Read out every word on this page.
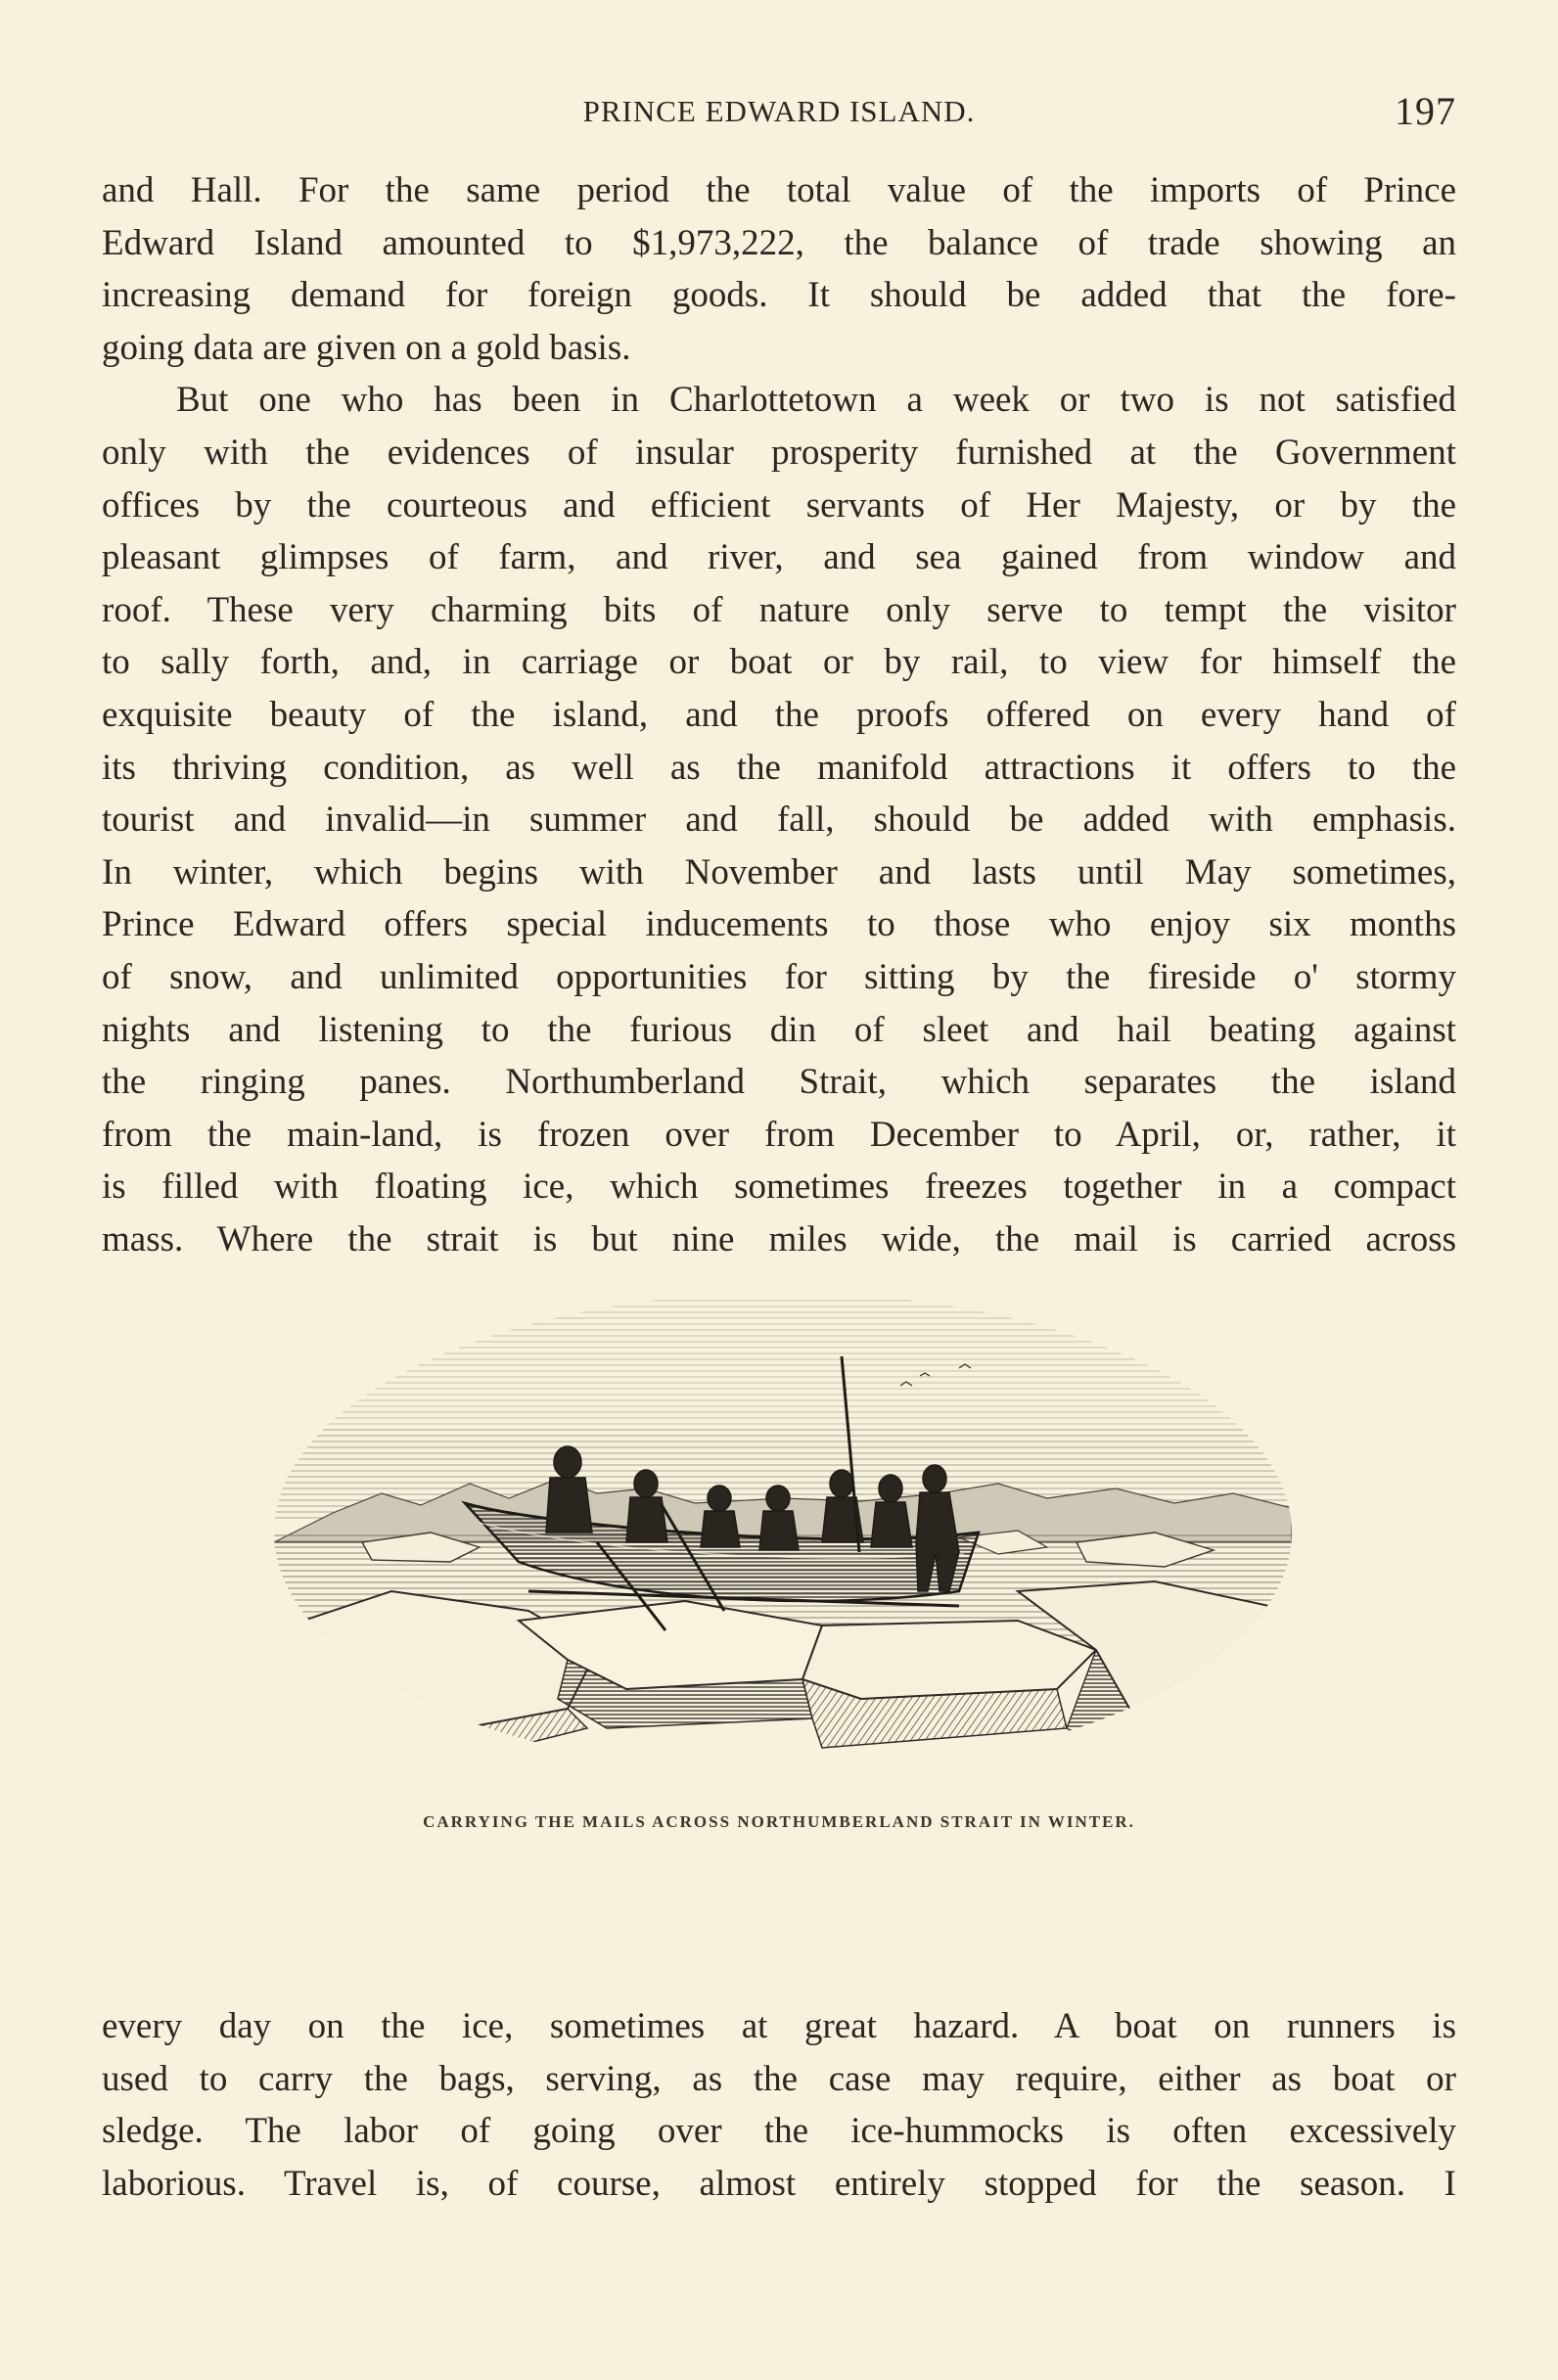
PRINCE EDWARD ISLAND.	197
and Hall. For the same period the total value of the imports of Prince
Edward Island amounted to $1,973,222, the balance of trade showing an
increasing demand for foreign goods. It should be added that the fore-
going data are given on a gold basis.
But one who has been in Charlottetown a week or two is not satisfied
only with the evidences of insular prosperity furnished at the Government
offices by the courteous and efficient servants of Her Majesty, or by the
pleasant glimpses of farm, and river, and sea gained from window and
roof. These very charming bits of nature only serve to tempt the visitor
to sally forth, and, in carriage or boat or by rail, to view for himself the
exquisite beauty of the island, and the proofs offered on every hand of
its thriving condition, as well as the manifold attractions it offers to the
tourist and invalid—in summer and fall, should be added with emphasis.
In winter, which begins with November and lasts until May sometimes,
Prince Edward offers special inducements to those who enjoy six months
of snow, and unlimited opportunities for sitting by the fireside o' stormy
nights and listening to the furious din of sleet and hail beating against
the ringing panes. Northumberland Strait, which separates the island
from the main-land, is frozen over from December to April, or, rather, it
is filled with floating ice, which sometimes freezes together in a compact
mass. Where the strait is but nine miles wide, the mail is carried across
CARRYING THE MAILS ACROSS NORTHUMBERLAND STRAIT IN WINTER.
every day on the ice, sometimes at great hazard. A boat on runners is
used to carry the bags, serving, as the case may require, either as boat or
sledge. The labor of going over the ice-hummocks is often excessively
laborious. Travel is, of course, almost entirely stopped for the season. I
